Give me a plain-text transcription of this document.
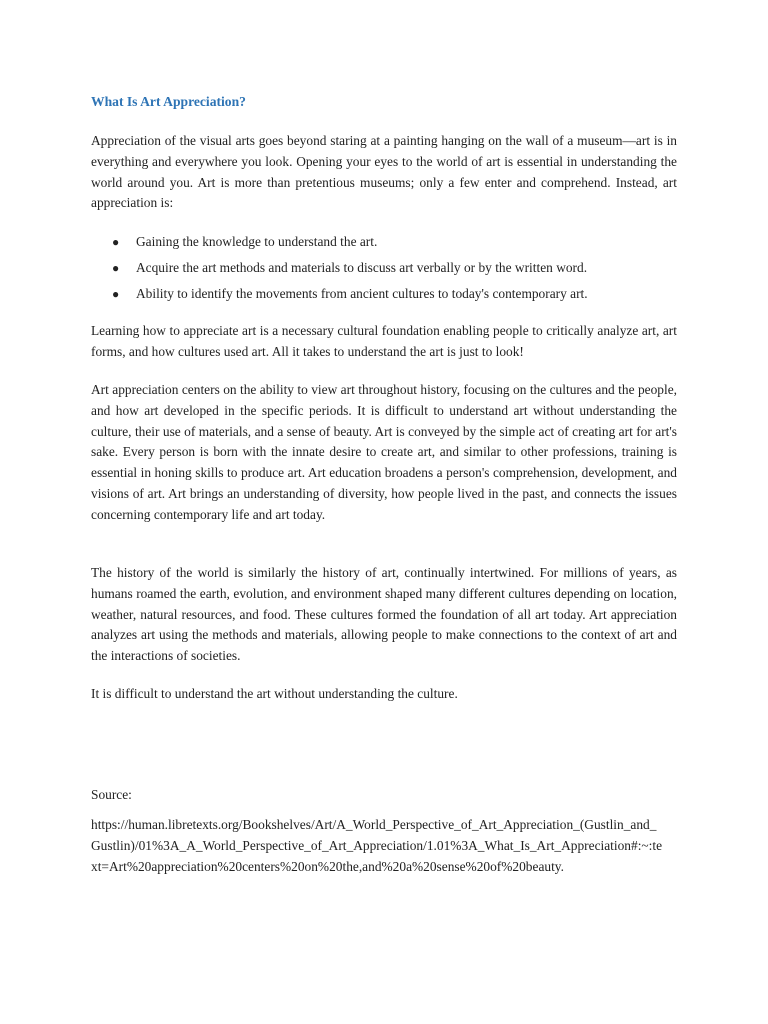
What Is Art Appreciation?

Appreciation of the visual arts goes beyond staring at a painting hanging on the wall of a museum—art is in everything and everywhere you look. Opening your eyes to the world of art is essential in understanding the world around you. Art is more than pretentious museums; only a few enter and comprehend. Instead, art appreciation is:

● Gaining the knowledge to understand the art.
● Acquire the art methods and materials to discuss art verbally or by the written word.
● Ability to identify the movements from ancient cultures to today's contemporary art.

Learning how to appreciate art is a necessary cultural foundation enabling people to critically analyze art, art forms, and how cultures used art. All it takes to understand the art is just to look!

Art appreciation centers on the ability to view art throughout history, focusing on the cultures and the people, and how art developed in the specific periods. It is difficult to understand art without understanding the culture, their use of materials, and a sense of beauty. Art is conveyed by the simple act of creating art for art's sake. Every person is born with the innate desire to create art, and similar to other professions, training is essential in honing skills to produce art. Art education broadens a person's comprehension, development, and visions of art. Art brings an understanding of diversity, how people lived in the past, and connects the issues concerning contemporary life and art today.

The history of the world is similarly the history of art, continually intertwined. For millions of years, as humans roamed the earth, evolution, and environment shaped many different cultures depending on location, weather, natural resources, and food. These cultures formed the foundation of all art today. Art appreciation analyzes art using the methods and materials, allowing people to make connections to the context of art and the interactions of societies.

It is difficult to understand the art without understanding the culture.

Source:

https://human.libretexts.org/Bookshelves/Art/A_World_Perspective_of_Art_Appreciation_(Gustlin_and_Gustlin)/01%3A_A_World_Perspective_of_Art_Appreciation/1.01%3A_What_Is_Art_Appreciation#:~:text=Art%20appreciation%20centers%20on%20the,and%20a%20sense%20of%20beauty.
